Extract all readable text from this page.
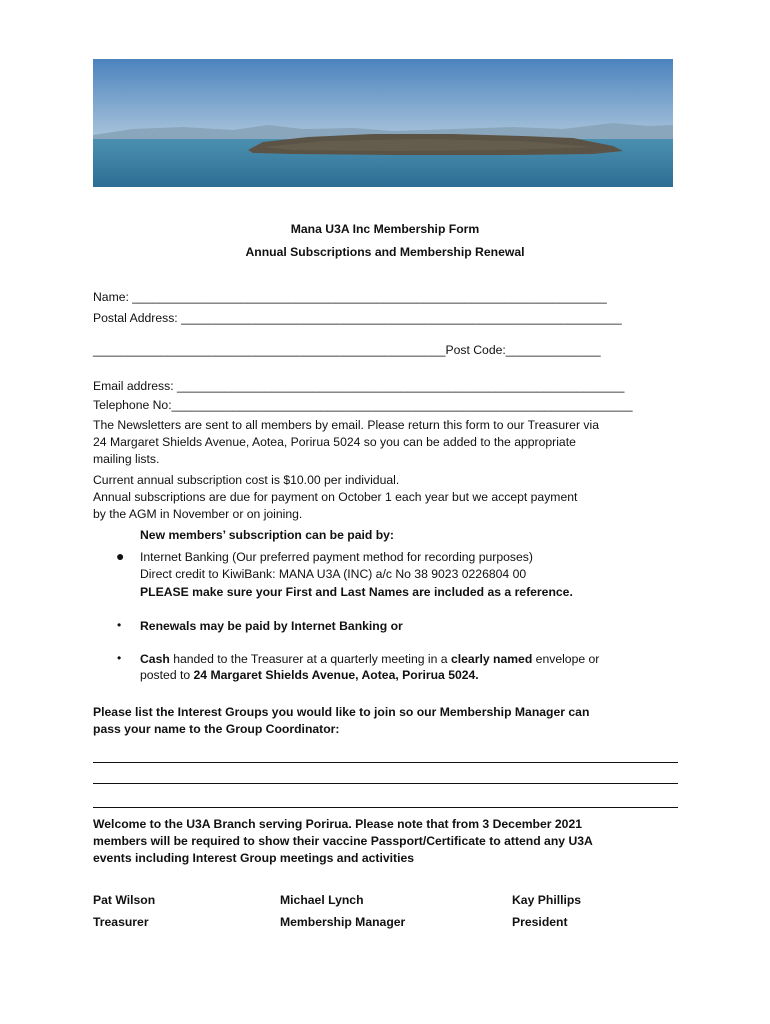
Mana U3A Inc Membership Form
Annual Subscriptions and Membership Renewal
Name: ______________________________________________________________________
Postal Address: _________________________________________________________________
____________________________________________________Post Code:______________
Email address: __________________________________________________________________
Telephone No:____________________________________________________________________
The Newsletters are sent to all members by email. Please return this form to our Treasurer via
24 Margaret Shields Avenue, Aotea, Porirua 5024 so you can be added to the appropriate
mailing lists.
Current annual subscription cost is $10.00 per individual.
Annual subscriptions are due for payment on October 1 each year but we accept payment
by the AGM in November or on joining.
New members’ subscription can be paid by:
● Internet Banking (Our preferred payment method for recording purposes)
Direct credit to KiwiBank: MANA U3A (INC) a/c No 38 9023 0226804 00
PLEASE make sure your First and Last Names are included as a reference.
• Renewals may be paid by Internet Banking or
• Cash handed to the Treasurer at a quarterly meeting in a clearly named envelope or
posted to 24 Margaret Shields Avenue, Aotea, Porirua 5024.
Please list the Interest Groups you would like to join so our Membership Manager can
pass your name to the Group Coordinator:
Welcome to the U3A Branch serving Porirua. Please note that from 3 December 2021
members will be required to show their vaccine Passport/Certificate to attend any U3A
events including Interest Group meetings and activities
Pat Wilson
Treasurer
Michael Lynch
Membership Manager
Kay Phillips
President
